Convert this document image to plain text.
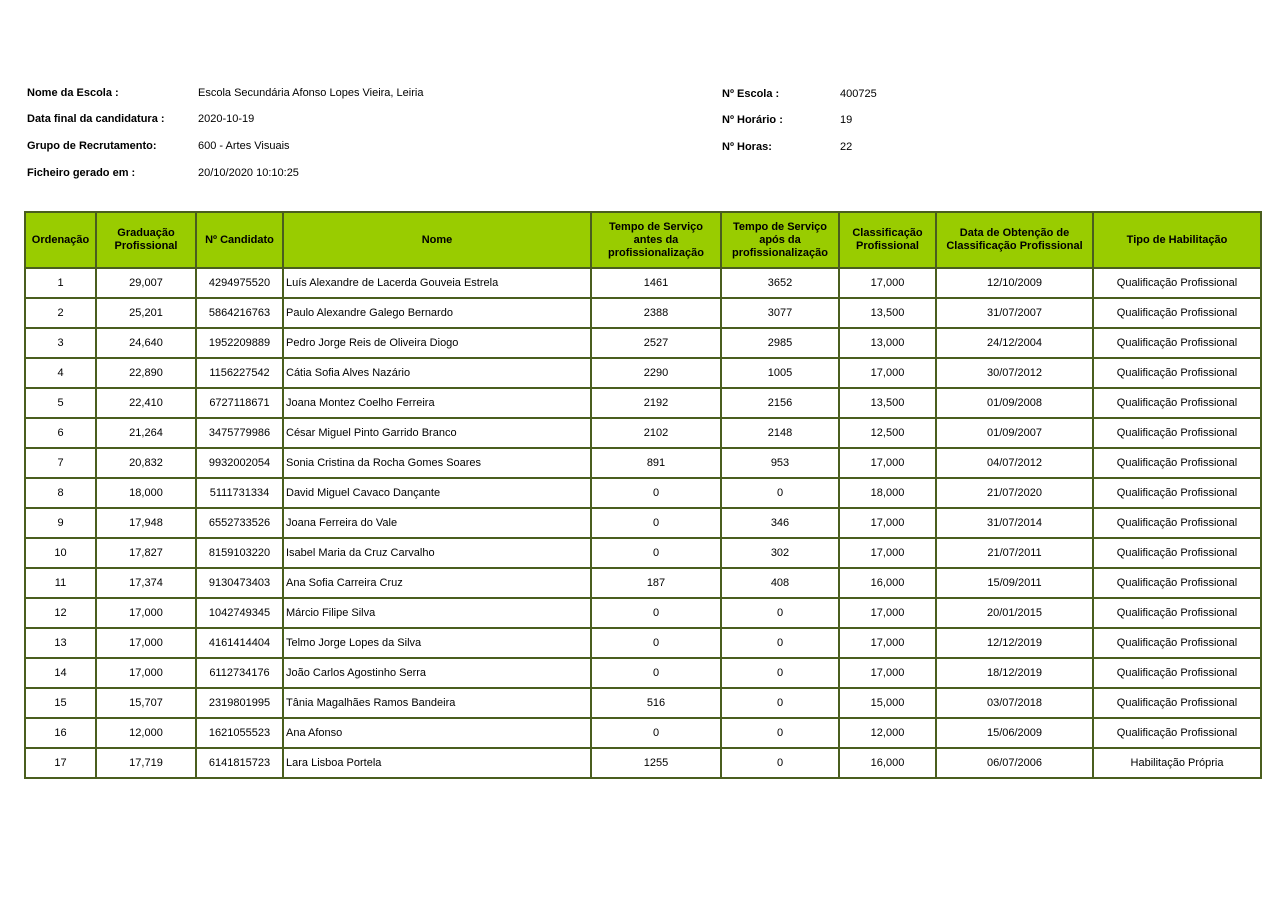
Nome da Escola :	Escola Secundária Afonso Lopes Vieira, Leiria
Data final da candidatura :	2020-10-19
Grupo de Recrutamento:	600 - Artes Visuais
Ficheiro gerado em :	20/10/2020 10:10:25
Nº Escola :	400725
Nº Horário :	19
Nº Horas:	22
Ordenação	Graduação Profissional	Nº Candidato	Nome	Tempo de Serviço antes da profissionalização	Tempo de Serviço após da profissionalização	Classificação Profissional	Data de Obtenção de Classificação Profissional	Tipo de Habilitação
1	29,007	4294975520	Luís Alexandre de Lacerda Gouveia Estrela	1461	3652	17,000	12/10/2009	Qualificação Profissional
2	25,201	5864216763	Paulo Alexandre Galego Bernardo	2388	3077	13,500	31/07/2007	Qualificação Profissional
3	24,640	1952209889	Pedro Jorge Reis de Oliveira Diogo	2527	2985	13,000	24/12/2004	Qualificação Profissional
4	22,890	1156227542	Cátia Sofia Alves Nazário	2290	1005	17,000	30/07/2012	Qualificação Profissional
5	22,410	6727118671	Joana Montez Coelho Ferreira	2192	2156	13,500	01/09/2008	Qualificação Profissional
6	21,264	3475779986	César Miguel Pinto Garrido Branco	2102	2148	12,500	01/09/2007	Qualificação Profissional
7	20,832	9932002054	Sonia Cristina da Rocha Gomes Soares	891	953	17,000	04/07/2012	Qualificação Profissional
8	18,000	5111731334	David Miguel Cavaco Dançante	0	0	18,000	21/07/2020	Qualificação Profissional
9	17,948	6552733526	Joana Ferreira do Vale	0	346	17,000	31/07/2014	Qualificação Profissional
10	17,827	8159103220	Isabel Maria da Cruz Carvalho	0	302	17,000	21/07/2011	Qualificação Profissional
11	17,374	9130473403	Ana Sofia Carreira Cruz	187	408	16,000	15/09/2011	Qualificação Profissional
12	17,000	1042749345	Márcio Filipe Silva	0	0	17,000	20/01/2015	Qualificação Profissional
13	17,000	4161414404	Telmo Jorge Lopes da Silva	0	0	17,000	12/12/2019	Qualificação Profissional
14	17,000	6112734176	João Carlos Agostinho Serra	0	0	17,000	18/12/2019	Qualificação Profissional
15	15,707	2319801995	Tânia Magalhães Ramos Bandeira	516	0	15,000	03/07/2018	Qualificação Profissional
16	12,000	1621055523	Ana Afonso	0	0	12,000	15/06/2009	Qualificação Profissional
17	17,719	6141815723	Lara Lisboa Portela	1255	0	16,000	06/07/2006	Habilitação Própria
